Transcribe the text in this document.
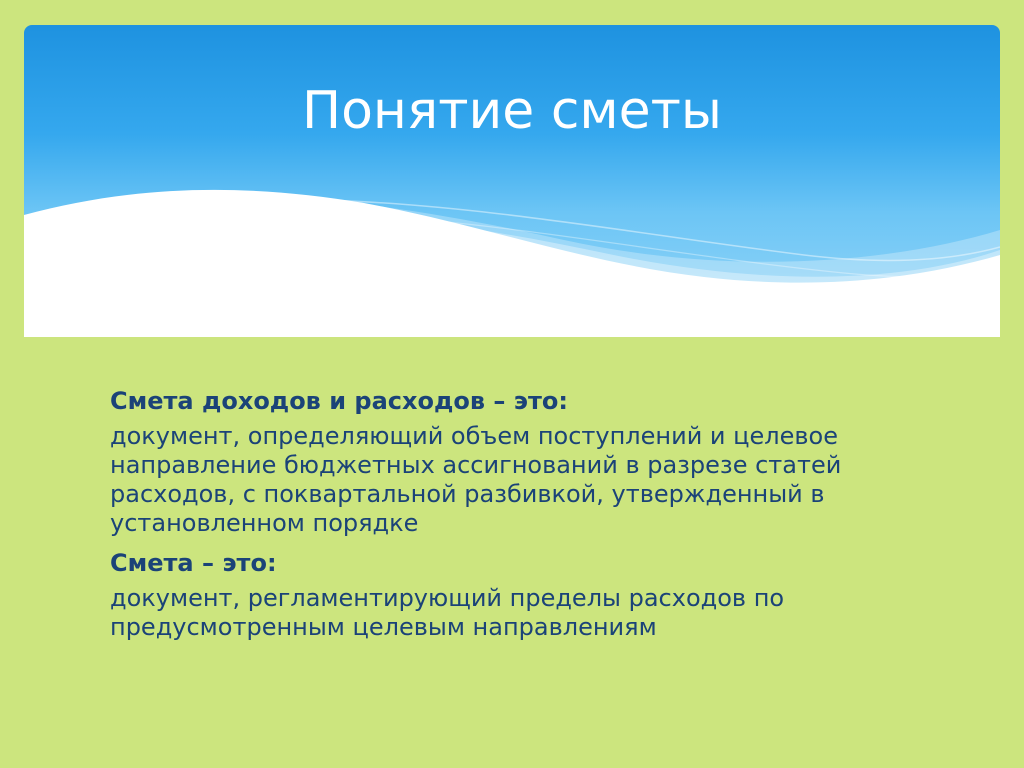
Понятие сметы

Смета доходов и расходов – это:

документ, определяющий объем поступлений и целевое направление бюджетных ассигнований в разрезе статей расходов, с поквартальной разбивкой, утвержденный в установленном порядке

Смета – это:

документ, регламентирующий пределы расходов по предусмотренным целевым направлениям
